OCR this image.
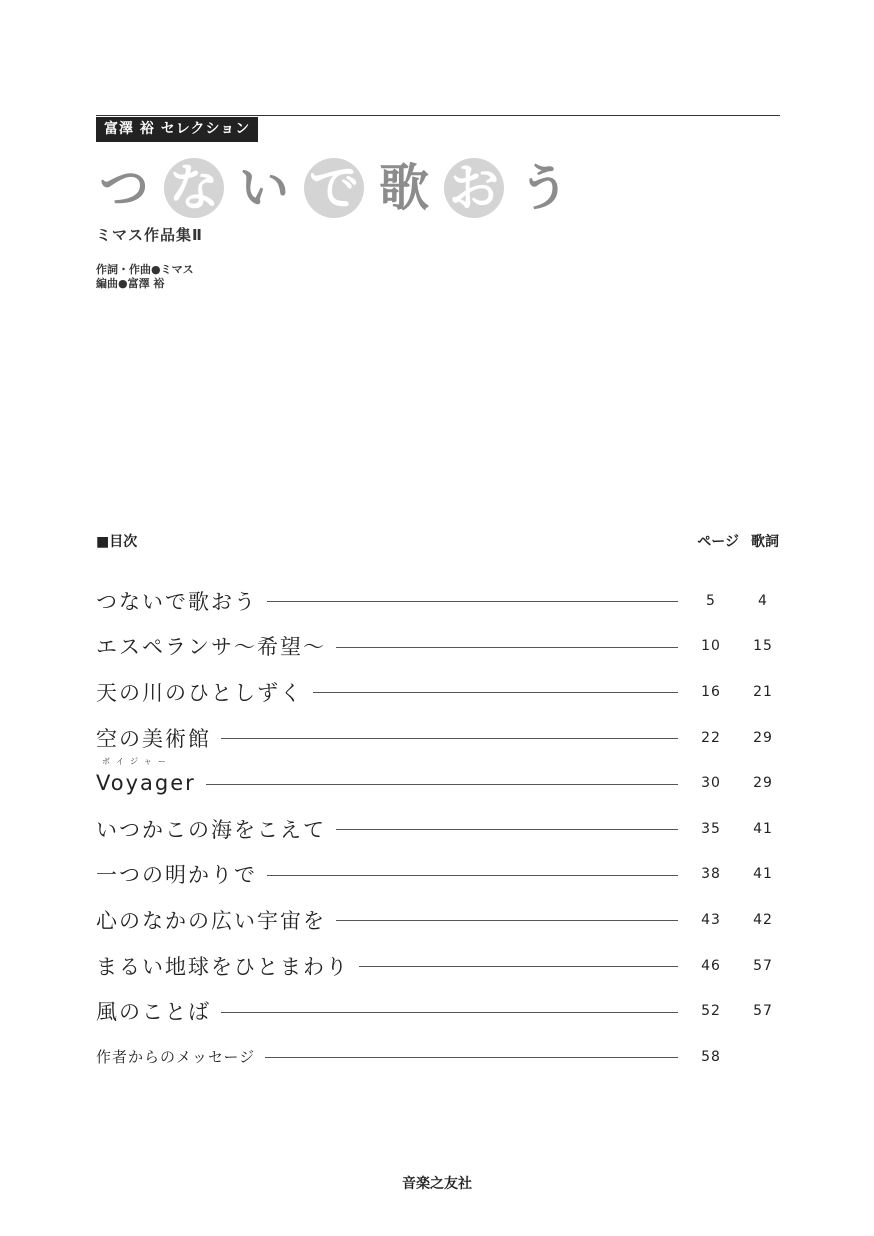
富澤 裕 セレクション
つ な い で 歌 お う
ミマス作品集Ⅱ
作詞・作曲●ミマス
編曲●富澤 裕
■目次	ページ 歌詞
つないで歌おう	5	4
エスペランサ～希望～	10	15
天の川のひとしずく	16	21
空の美術館	22	29
ボイジャー
Voyager	30	29
いつかこの海をこえて	35	41
一つの明かりで	38	41
心のなかの広い宇宙を	43	42
まるい地球をひとまわり	46	57
風のことば	52	57
作者からのメッセージ	58
音楽之友社
